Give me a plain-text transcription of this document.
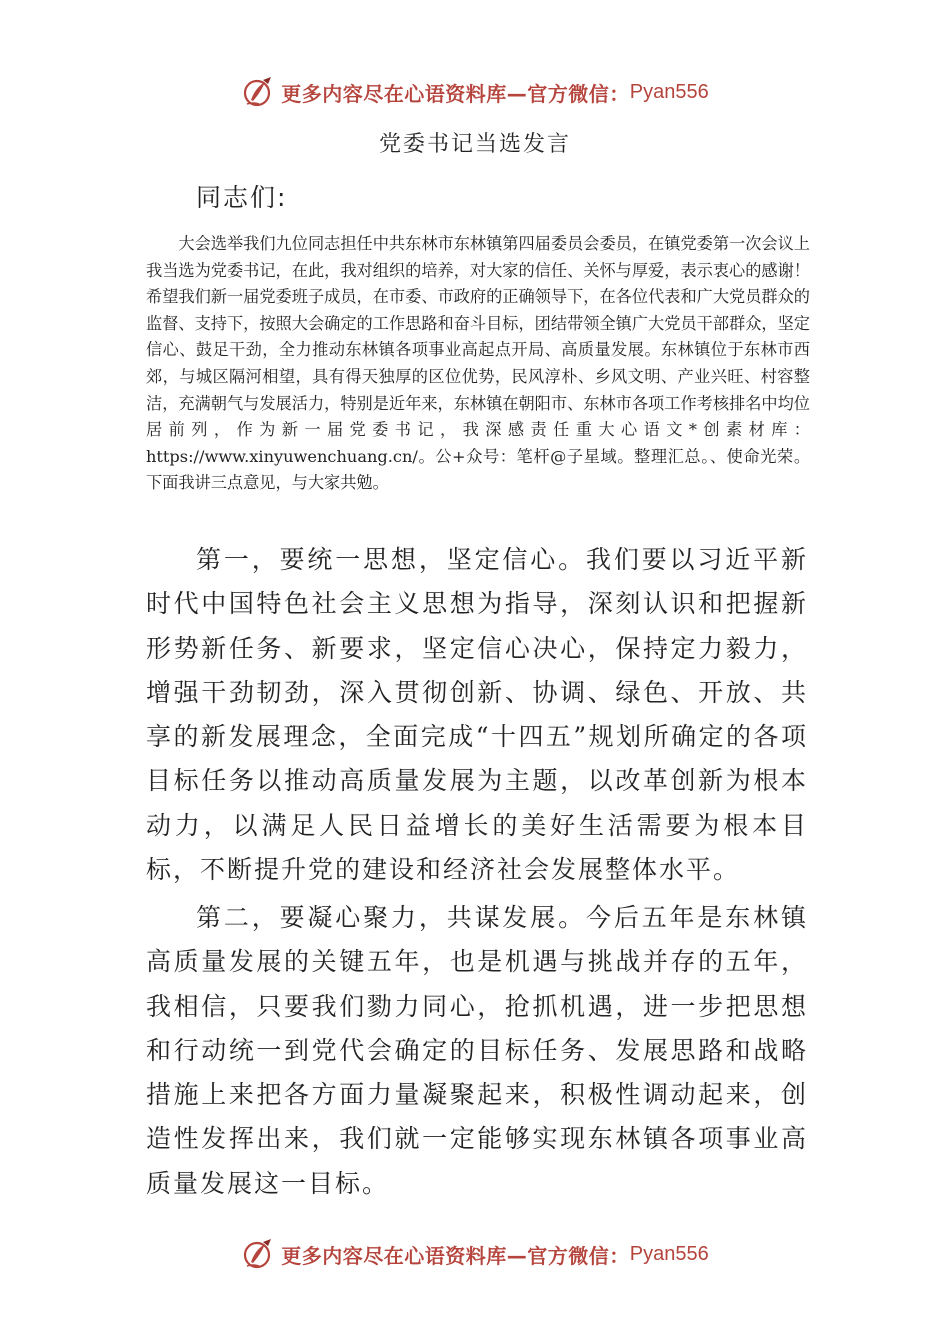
更多内容尽在心语资料库—官方微信： Pyan556
党委书记当选发言
同志们:

大会选举我们九位同志担任中共东林市东林镇第四届委员会委员，在镇党委第一次会议上我当选为党委书记，在此，我对组织的培养，对大家的信任、关怀与厚爱，表示衷心的感谢！希望我们新一届党委班子成员，在市委、市政府的正确领导下，在各位代表和广大党员群众的监督、支持下，按照大会确定的工作思路和奋斗目标，团结带领全镇广大党员干部群众，坚定信心、鼓足干劲，全力推动东林镇各项事业高起点开局、高质量发展。东林镇位于东林市西郊，与城区隔河相望，具有得天独厚的区位优势，民风淳朴、乡风文明、产业兴旺、村容整洁，充满朝气与发展活力，特别是近年来，东林镇在朝阳市、东林市各项工作考核排名中均位居前列，作为新一届党委书记，我深感责任重大心语文*创素材库：https://www.xinyuwenchuang.cn/。公+众号：笔杆@子星域。整理汇总。、使命光荣。下面我讲三点意见，与大家共勉。

第一，要统一思想，坚定信心。我们要以习近平新时代中国特色社会主义思想为指导，深刻认识和把握新形势新任务、新要求，坚定信心决心，保持定力毅力，增强干劲韧劲，深入贯彻创新、协调、绿色、开放、共享的新发展理念，全面完成“十四五”规划所确定的各项目标任务以推动高质量发展为主题，以改革创新为根本动力，以满足人民日益增长的美好生活需要为根本目标，不断提升党的建设和经济社会发展整体水平。

第二，要凝心聚力，共谋发展。今后五年是东林镇高质量发展的关键五年，也是机遇与挑战并存的五年，我相信，只要我们勠力同心，抢抓机遇，进一步把思想和行动统一到党代会确定的目标任务、发展思路和战略措施上来把各方面力量凝聚起来，积极性调动起来，创造性发挥出来，我们就一定能够实现东林镇各项事业高质量发展这一目标。

更多内容尽在心语资料库—官方微信： Pyan556
